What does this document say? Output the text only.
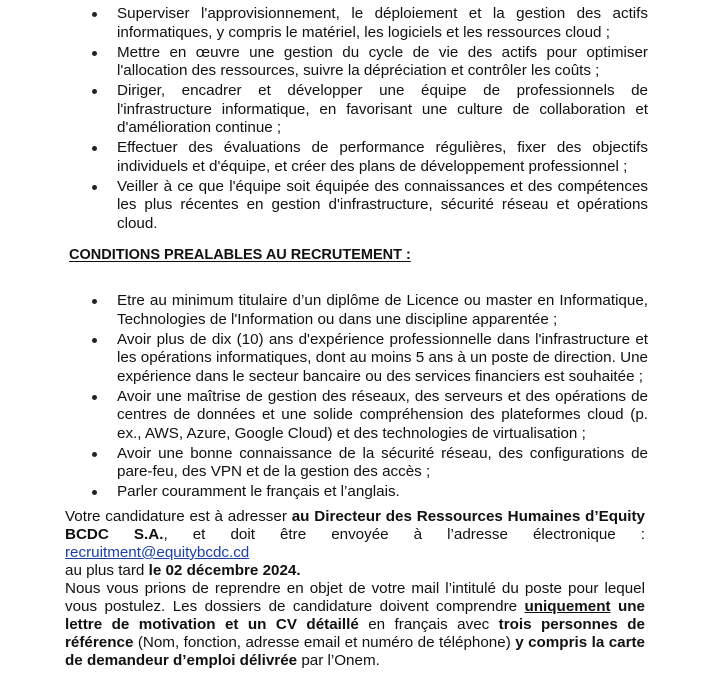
Superviser l'approvisionnement, le déploiement et la gestion des actifs informatiques, y compris le matériel, les logiciels et les ressources cloud ;
Mettre en œuvre une gestion du cycle de vie des actifs pour optimiser l'allocation des ressources, suivre la dépréciation et contrôler les coûts ;
Diriger, encadrer et développer une équipe de professionnels de l'infrastructure informatique, en favorisant une culture de collaboration et d'amélioration continue ;
Effectuer des évaluations de performance régulières, fixer des objectifs individuels et d'équipe, et créer des plans de développement professionnel ;
Veiller à ce que l'équipe soit équipée des connaissances et des compétences les plus récentes en gestion d'infrastructure, sécurité réseau et opérations cloud.
CONDITIONS PREALABLES AU RECRUTEMENT :
Etre au minimum titulaire d’un diplôme de Licence ou master en Informatique, Technologies de l'Information ou dans une discipline apparentée ;
Avoir plus de dix (10) ans d'expérience professionnelle dans l'infrastructure et les opérations informatiques, dont au moins 5 ans à un poste de direction. Une expérience dans le secteur bancaire ou des services financiers est souhaitée ;
Avoir une maîtrise de gestion des réseaux, des serveurs et des opérations de centres de données et une solide compréhension des plateformes cloud (p. ex., AWS, Azure, Google Cloud) et des technologies de virtualisation ;
Avoir une bonne connaissance de la sécurité réseau, des configurations de pare-feu, des VPN et de la gestion des accès ;
Parler couramment le français et l’anglais.

Votre candidature est à adresser au Directeur des Ressources Humaines d’Equity BCDC S.A., et doit être envoyée à l’adresse électronique : recruitment@equitybcdc.cd
au plus tard le 02 décembre 2024.

Nous vous prions de reprendre en objet de votre mail l’intitulé du poste pour lequel vous postulez. Les dossiers de candidature doivent comprendre uniquement une lettre de motivation et un CV détaillé en français avec trois personnes de référence (Nom, fonction, adresse email et numéro de téléphone) y compris la carte de demandeur d’emploi délivrée par l’Onem.
